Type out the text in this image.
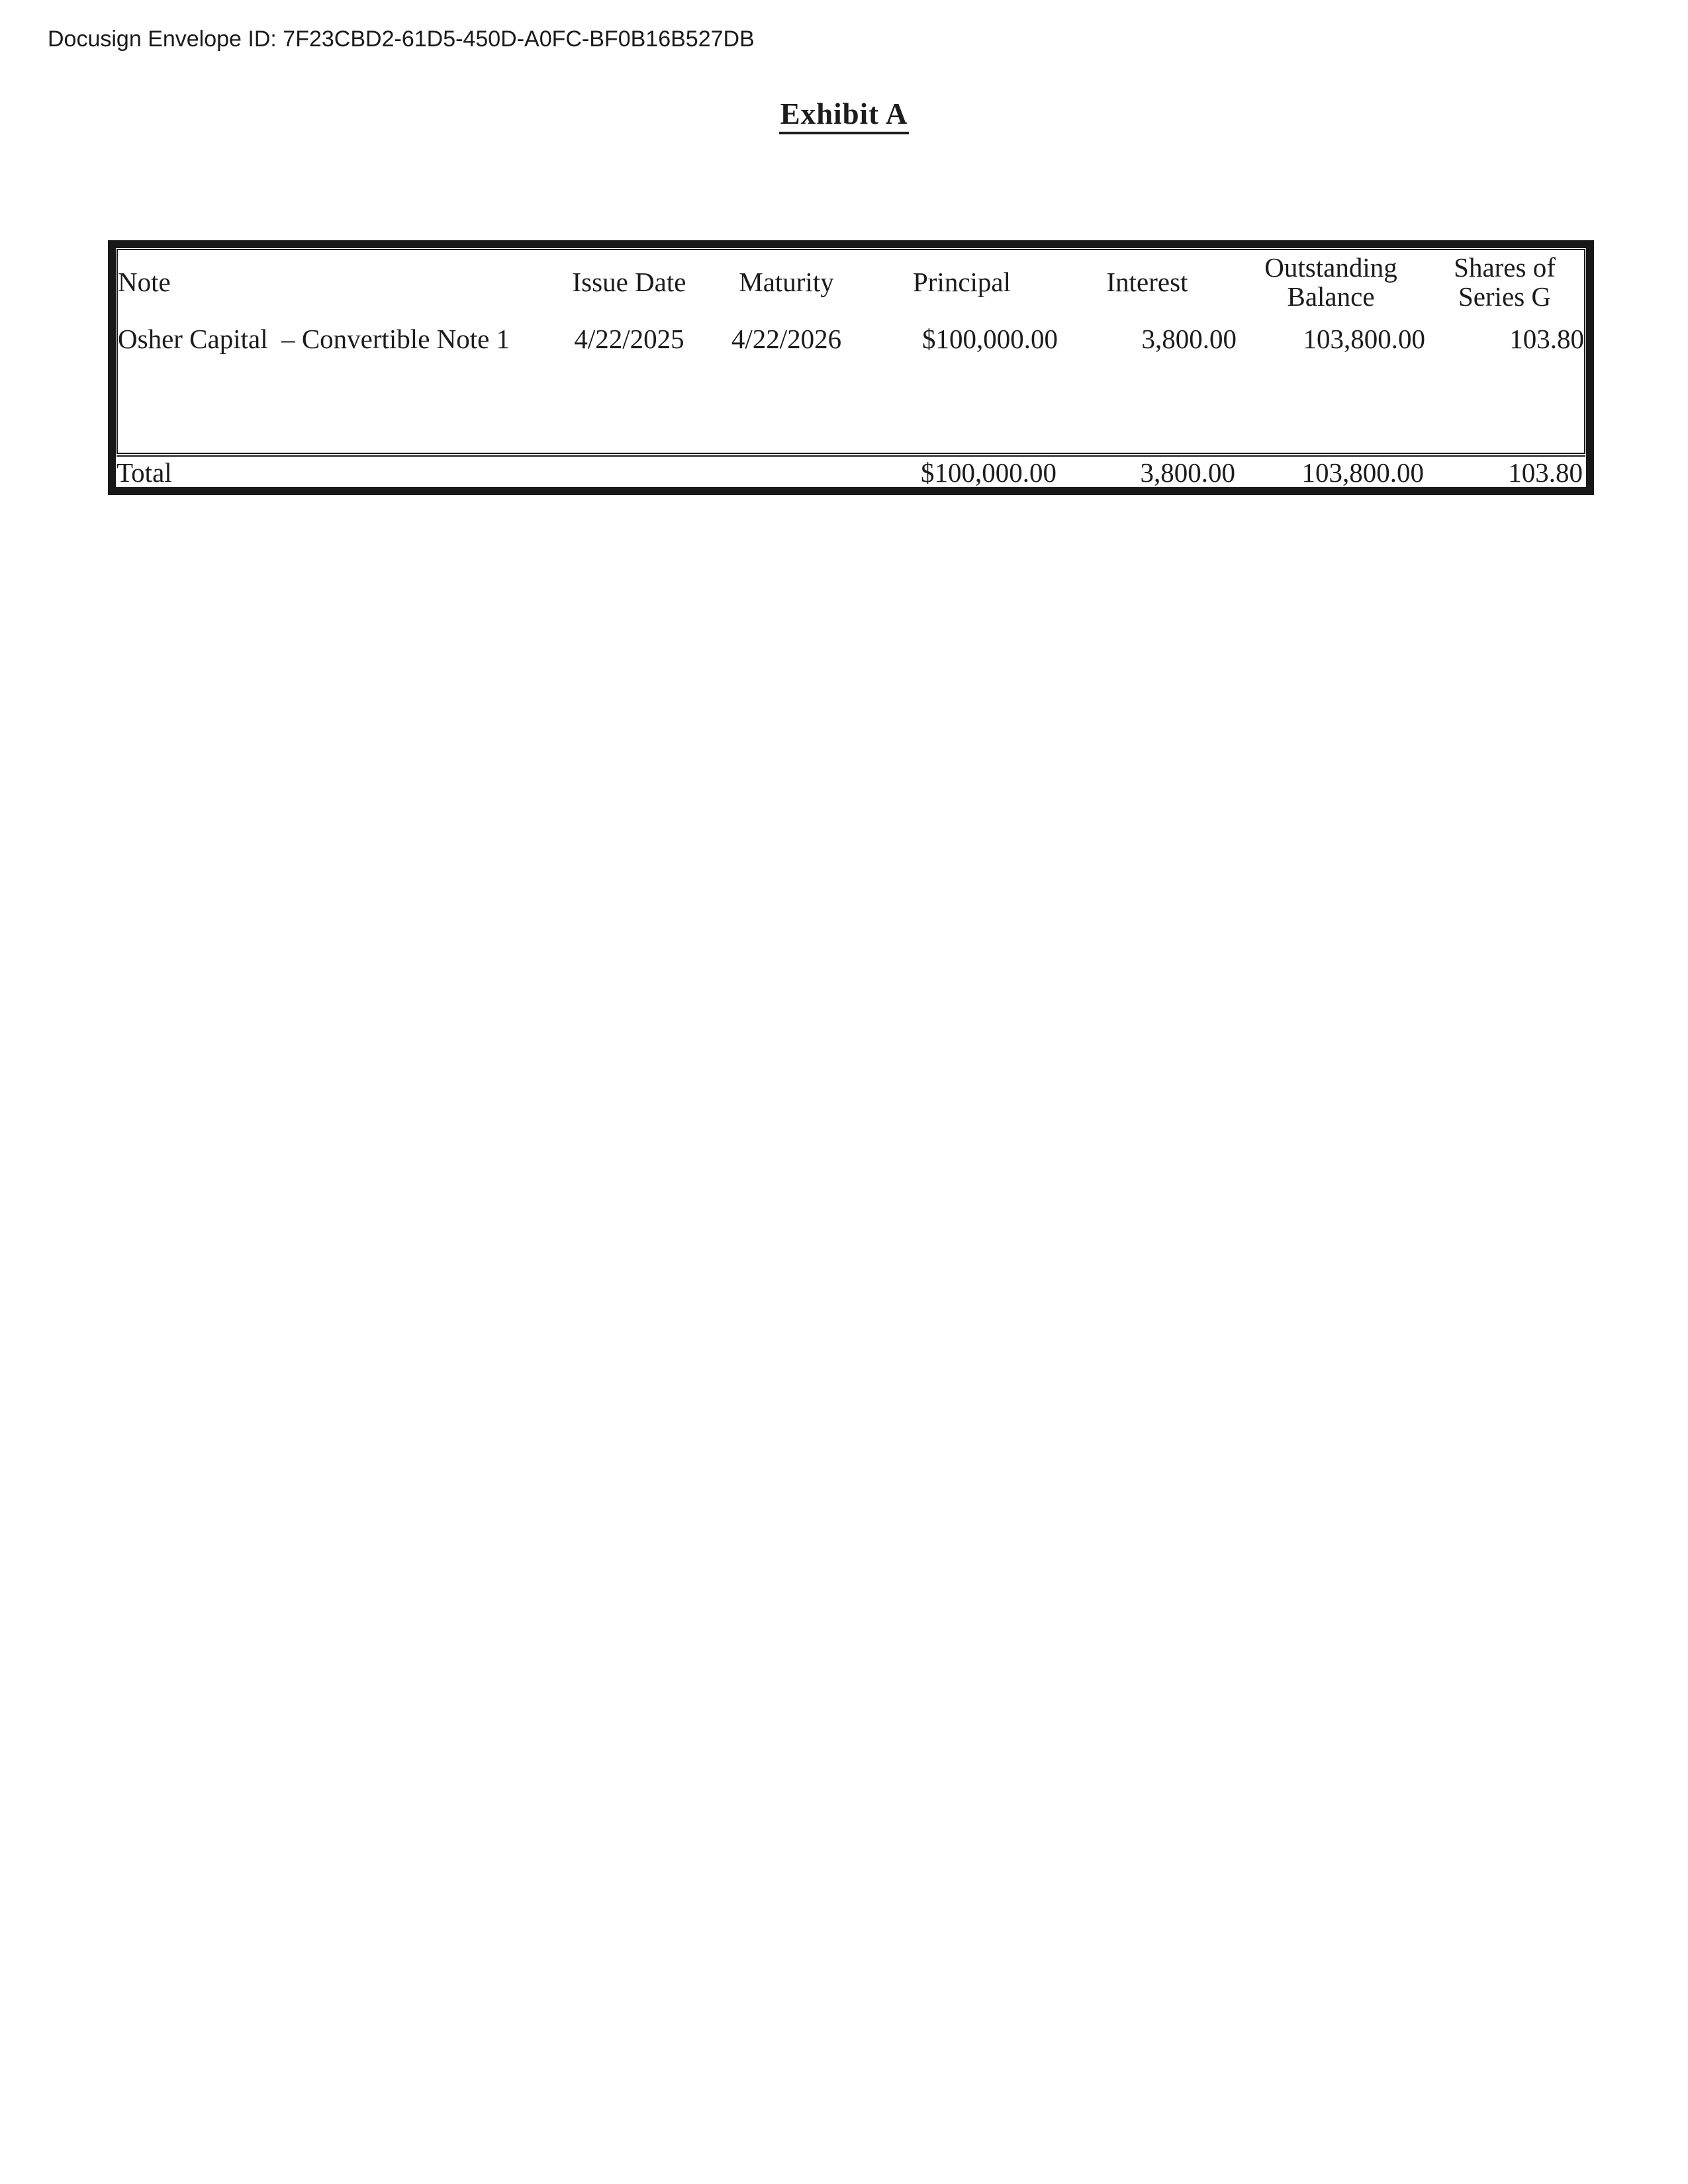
Docusign Envelope ID: 7F23CBD2-61D5-450D-A0FC-BF0B16B527DB
Exhibit A
Note	Issue Date	Maturity	Principal	Interest	Outstanding Balance	Shares of Series G
Osher Capital  – Convertible Note 1	4/22/2025	4/22/2026	$100,000.00	3,800.00	103,800.00	103.80
Total			$100,000.00	3,800.00	103,800.00	103.80
